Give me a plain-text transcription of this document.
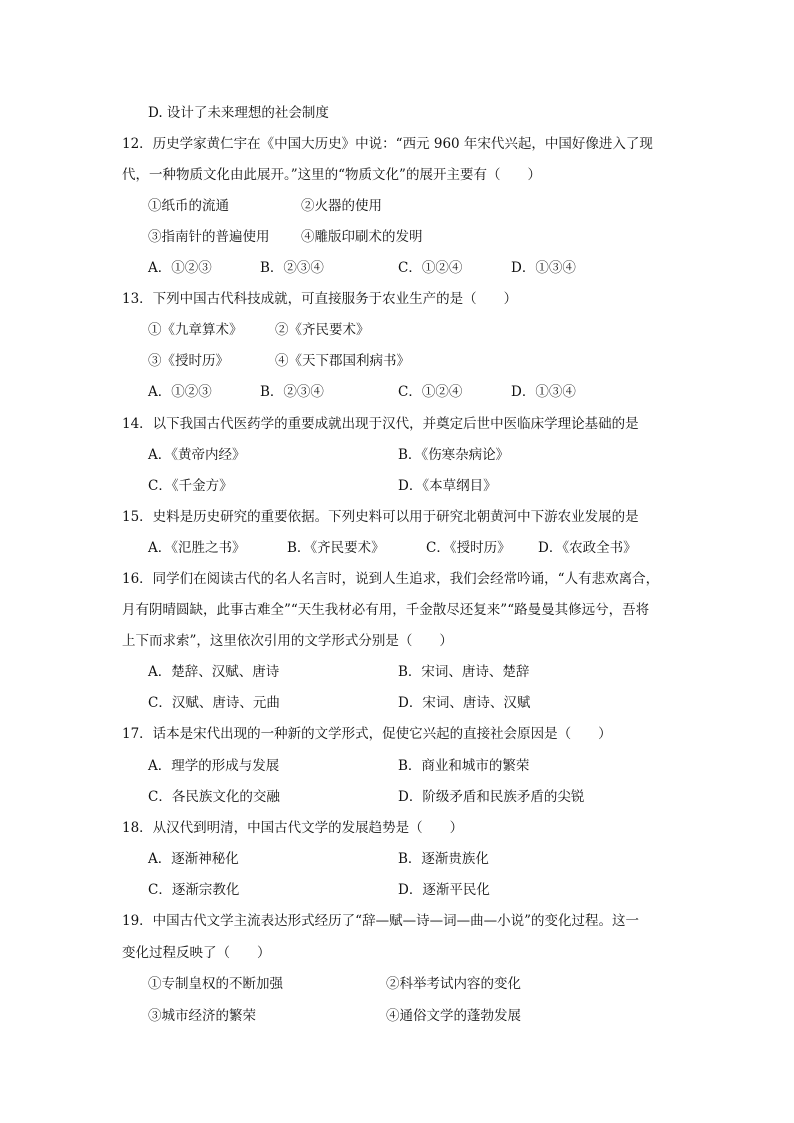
D. 设计了未来理想的社会制度
12．历史学家黄仁宇在《中国大历史》中说：“西元 960 年宋代兴起，中国好像进入了现
代，一种物质文化由此展开。”这里的“物质文化”的展开主要有（　　）
①纸币的流通	②火器的使用
③指南针的普遍使用 ④雕版印刷术的发明
A．①②③	B．②③④	C．①②④	D．①③④
13．下列中国古代科技成就，可直接服务于农业生产的是（　　）
①《九章算术》 ②《齐民要术》
③《授时历》	④《天下郡国利病书》
A．①②③	B．②③④	C．①②④	D．①③④
14．以下我国古代医药学的重要成就出现于汉代，并奠定后世中医临床学理论基础的是
A．《黄帝内经》	B．《伤寒杂病论》
C．《千金方》	D．《本草纲目》
15．史料是历史研究的重要依据。下列史料可以用于研究北朝黄河中下游农业发展的是
A．《氾胜之书》	B．《齐民要术》	C．《授时历》 D．《农政全书》
16．同学们在阅读古代的名人名言时，说到人生追求，我们会经常吟诵，“人有悲欢离合，
月有阴晴圆缺，此事古难全”“天生我材必有用，千金散尽还复来”“路曼曼其修远兮，吾将
上下而求索”，这里依次引用的文学形式分别是（　　）
A．楚辞、汉赋、唐诗	B．宋词、唐诗、楚辞
C．汉赋、唐诗、元曲	D．宋词、唐诗、汉赋
17．话本是宋代出现的一种新的文学形式，促使它兴起的直接社会原因是（　　）
A．理学的形成与发展	B．商业和城市的繁荣
C．各民族文化的交融	D．阶级矛盾和民族矛盾的尖锐
18．从汉代到明清，中国古代文学的发展趋势是（　　）
A．逐渐神秘化	B．逐渐贵族化
C．逐渐宗教化	D．逐渐平民化
19．中国古代文学主流表达形式经历了“辞—赋—诗—词—曲—小说”的变化过程。这一
变化过程反映了（　　）
①专制皇权的不断加强	②科举考试内容的变化
③城市经济的繁荣	④通俗文学的蓬勃发展
